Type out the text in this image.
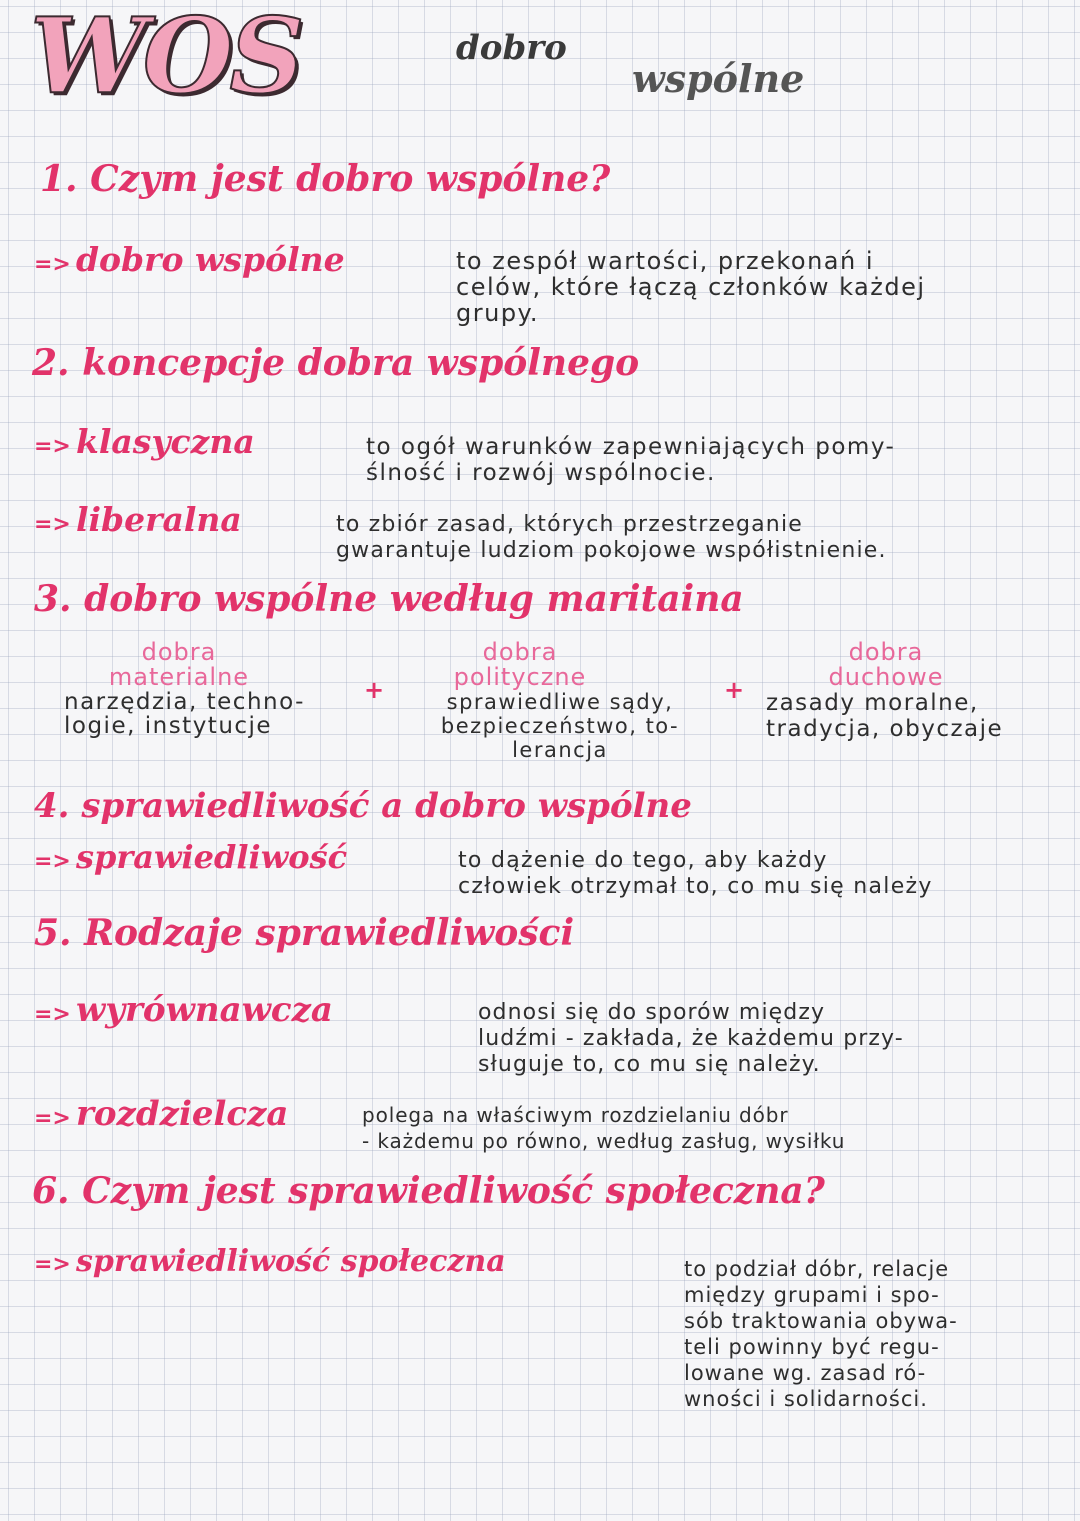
WOS	dobro
wspólne
1. Czym jest dobro wspólne?
=> dobro wspólne	to zespół wartości, przekonań i
celów, które łączą członków każdej
grupy.
2. koncepcje dobra wspólnego
=> klasyczna	to ogół warunków zapewniających pomy-
ślność i rozwój wspólnocie.
=> liberalna	to zbiór zasad, których przestrzeganie
gwarantuje ludziom pokojowe współistnienie.
3. dobro wspólne według maritaina
dobra
materialne
narzędzia, techno-
logie, instytucje
+
dobra
polityczne
sprawiedliwe sądy,
bezpieczeństwo, to-
lerancja
+
dobra
duchowe
zasady moralne,
tradycja, obyczaje
4. sprawiedliwość a dobro wspólne
=> sprawiedliwość	to dążenie do tego, aby każdy
człowiek otrzymał to, co mu się należy
5. Rodzaje sprawiedliwości
=> wyrównawcza	odnosi się do sporów między
ludźmi - zakłada, że każdemu przy-
sługuje to, co mu się należy.
=> rozdzielcza	polega na właściwym rozdzielaniu dóbr
- każdemu po równo, według zasług, wysiłku
6. Czym jest sprawiedliwość społeczna?
=> sprawiedliwość społeczna	to podział dóbr, relacje
między grupami i spo-
sób traktowania obywa-
teli powinny być regu-
lowane wg. zasad ró-
wności i solidarności.
